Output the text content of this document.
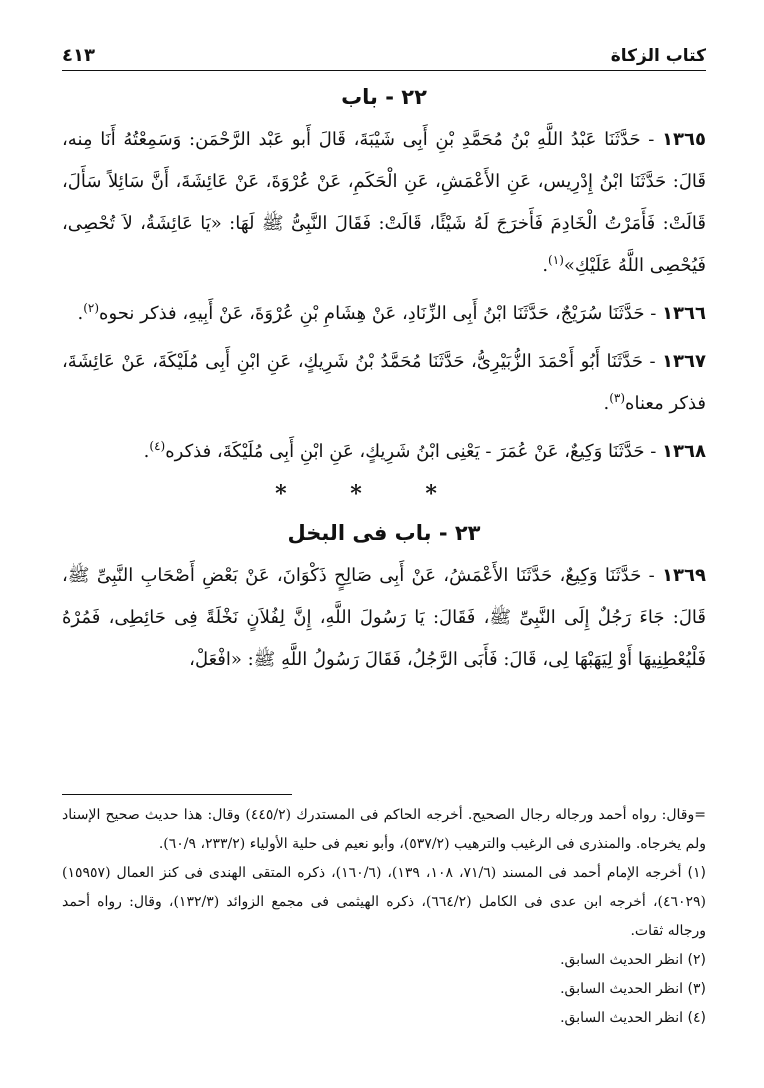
كتاب الزكاة
٤١٣
٢٢ - باب

١٣٦٥ - حَدَّثَنَا عَبْدُ اللَّهِ بْنُ مُحَمَّدِ بْنِ أَبِى شَيْبَةَ، قَالَ أَبو عَبْد الرَّحْمَن: وَسَمِعْتُهُ أَنَا مِنه، قَالَ: حَدَّثَنَا ابْنُ إِدْرِيس، عَنِ الأَعْمَشِ، عَنِ الْحَكَمِ، عَنْ عُرْوَةَ، عَنْ عَائِشَةَ، أَنَّ سَائِلاً سَأَلَ، قَالَتْ: فَأَمَرْتُ الْخَادِمَ فَأَخرَجَ لَهُ شَيْئًا، قَالَتْ: فَقَالَ النَّبِىُّ ﷺ لَهَا: «يَا عَائِشَةُ، لاَ تُحْصِى، فَيُحْصِى اللَّهُ عَلَيْكِ»$^{(١)}$.

١٣٦٦ - حَدَّثَنَا سُرَيْجٌ، حَدَّثَنَا ابْنُ أَبِى الزِّنَادِ، عَنْ هِشَامِ بْنِ عُرْوَةَ، عَنْ أَبِيهِ، فذكر نحوه$^{(٢)}$.

١٣٦٧ - حَدَّثَنَا أَبُو أَحْمَدَ الزُّبَيْرِىُّ، حَدَّثَنَا مُحَمَّدُ بْنُ شَرِيكٍ، عَنِ ابْنِ أَبِى مُلَيْكَةَ، عَنْ عَائِشَةَ، فذكر معناه$^{(٣)}$.

١٣٦٨ - حَدَّثَنَا وَكِيعٌ، عَنْ عُمَرَ - يَعْنِى ابْنُ شَرِيكٍ، عَنِ ابْنِ أَبِى مُلَيْكَةَ، فذكره$^{(٤)}$.

* * *
٢٣ - باب فى البخل

١٣٦٩ - حَدَّثَنَا وَكِيعٌ، حَدَّثَنَا الأَعْمَشُ، عَنْ أَبِى صَالِحٍ ذَكْوَانَ، عَنْ بَعْضِ أَصْحَابِ النَّبِىِّ ﷺ، قَالَ: جَاءَ رَجُلٌ إِلَى النَّبِىِّ ﷺ، فَقَالَ: يَا رَسُولَ اللَّهِ، إِنَّ لِفُلاَنٍ نَخْلَةً فِى حَائِطِى، فَمُرْهُ فَلْيُعْطِنِيهَا أَوْ لِيَهَبْهَا لِى، قَالَ: فَأَبَى الرَّجُلُ، فَقَالَ رَسُولُ اللَّهِ ﷺ: «افْعَلْ،

=وقال: رواه أحمد ورجاله رجال الصحيح. أخرجه الحاكم فى المستدرك (٤٤٥/٢) وقال: هذا حديث صحيح الإسناد ولم يخرجاه. والمنذرى فى الرغيب والترهيب (٥٣٧/٢)، وأبو نعيم فى حلية الأولياء (٢٣٣/٢، ٦٠/٩).

(١) أخرجه الإمام أحمد فى المسند (٧١/٦، ١٠٨، ١٣٩)، (١٦٠/٦)، ذكره المتقى الهندى فى كنز العمال (١٥٩٥٧) (٤٦٠٢٩)، أخرجه ابن عدى فى الكامل (٦٦٤/٢)، ذكره الهيثمى فى مجمع الزوائد (١٣٢/٣)، وقال: رواه أحمد ورجاله ثقات.

(٢) انظر الحديث السابق.

(٣) انظر الحديث السابق.

(٤) انظر الحديث السابق.
